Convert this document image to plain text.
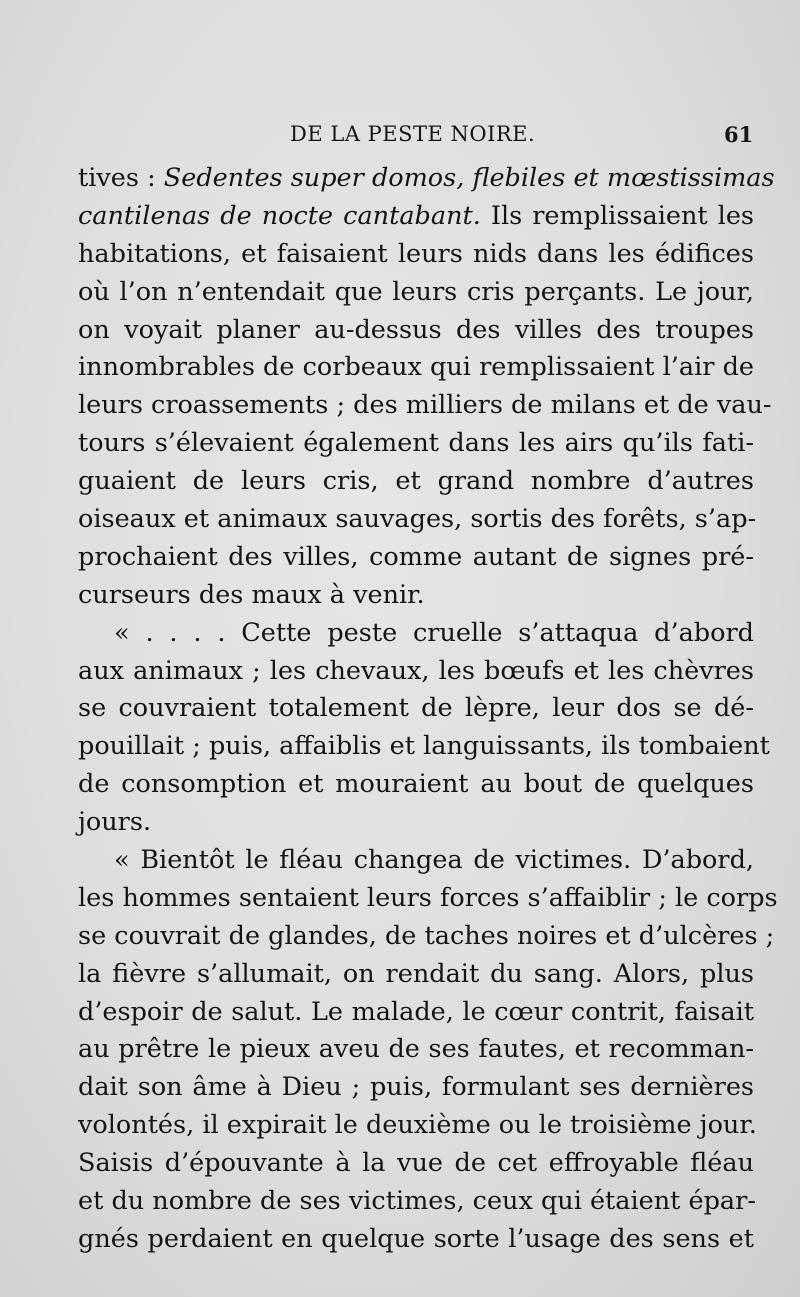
DE LA PESTE NOIRE.	61
tives : Sedentes super domos, flebiles et mœstissimas
cantilenas de nocte cantabant. Ils remplissaient les
habitations, et faisaient leurs nids dans les édifices
où l’on n’entendait que leurs cris perçants. Le jour,
on voyait planer au-dessus des villes des troupes
innombrables de corbeaux qui remplissaient l’air de
leurs croassements ; des milliers de milans et de vau-
tours s’élevaient également dans les airs qu’ils fati-
guaient de leurs cris, et grand nombre d’autres
oiseaux et animaux sauvages, sortis des forêts, s’ap-
prochaient des villes, comme autant de signes pré-
curseurs des maux à venir.
« . . . . Cette peste cruelle s’attaqua d’abord
aux animaux ; les chevaux, les bœufs et les chèvres
se couvraient totalement de lèpre, leur dos se dé-
pouillait ; puis, affaiblis et languissants, ils tombaient
de consomption et mouraient au bout de quelques
jours.
« Bientôt le fléau changea de victimes. D’abord,
les hommes sentaient leurs forces s’affaiblir ; le corps
se couvrait de glandes, de taches noires et d’ulcères ;
la fièvre s’allumait, on rendait du sang. Alors, plus
d’espoir de salut. Le malade, le cœur contrit, faisait
au prêtre le pieux aveu de ses fautes, et recomman-
dait son âme à Dieu ; puis, formulant ses dernières
volontés, il expirait le deuxième ou le troisième jour.
Saisis d’épouvante à la vue de cet effroyable fléau
et du nombre de ses victimes, ceux qui étaient épar-
gnés perdaient en quelque sorte l’usage des sens et
